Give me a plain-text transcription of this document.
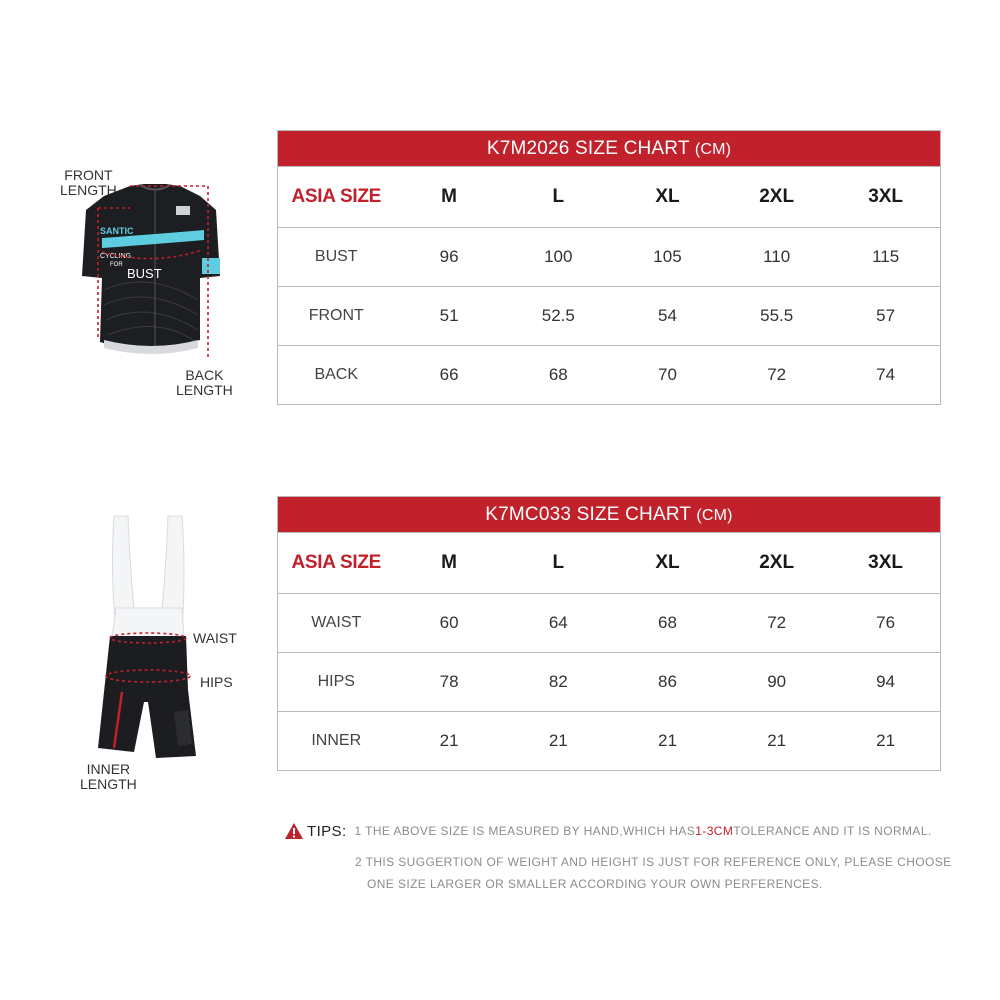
FRONT
LENGTH
SANTIC
CYCLING
FOR
BUST
BACK
LENGTH
K7M2026 SIZE CHART (CM)					
ASIA SIZE	M	L	XL	2XL	3XL
BUST	96	100	105	110	115
FRONT	51	52.5	54	55.5	57
BACK	66	68	70	72	74
WAIST
HIPS
INNER
LENGTH
K7MC033 SIZE CHART (CM)					
ASIA SIZE	M	L	XL	2XL	3XL
WAIST	60	64	68	72	76
HIPS	78	82	86	90	94
INNER	21	21	21	21	21
TIPS: 1 THE ABOVE SIZE IS MEASURED BY HAND,WHICH HAS 1-3CM TOLERANCE AND IT IS NORMAL.
2 THIS SUGGERTION OF WEIGHT AND HEIGHT IS JUST FOR REFERENCE ONLY, PLEASE CHOOSE
ONE SIZE LARGER OR SMALLER ACCORDING YOUR OWN PERFERENCES.
